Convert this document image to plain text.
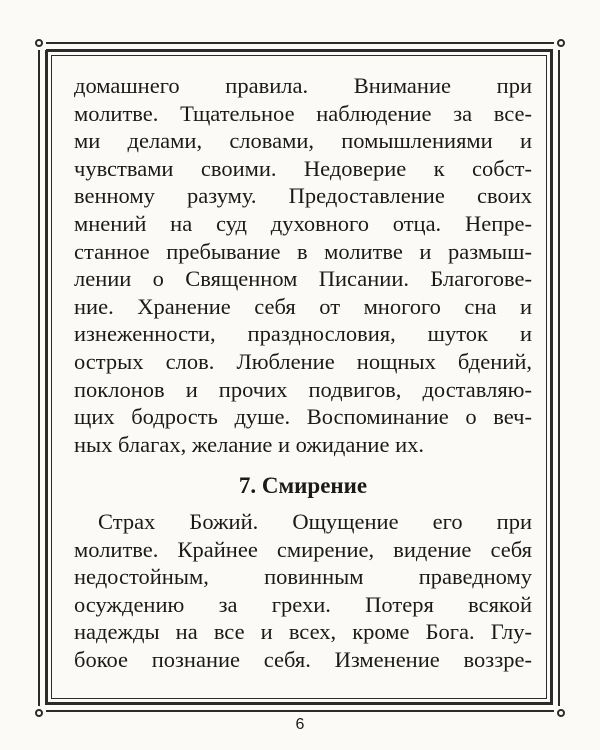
домашнего правила. Внимание при
молитве. Тщательное наблюдение за все-
ми делами, словами, помышлениями и
чувствами своими. Недоверие к собст-
венному разуму. Предоставление своих
мнений на суд духовного отца. Непре-
станное пребывание в молитве и размыш-
лении о Священном Писании. Благогове-
ние. Хранение себя от многого сна и
изнеженности, празднословия, шуток и
острых слов. Любление нощных бдений,
поклонов и прочих подвигов, доставляю-
щих бодрость душе. Воспоминание о веч-
ных благах, желание и ожидание их.
7. Смирение
Страх Божий. Ощущение его при
молитве. Крайнее смирение, видение себя
недостойным, повинным праведному
осуждению за грехи. Потеря всякой
надежды на все и всех, кроме Бога. Глу-
бокое познание себя. Изменение воззре-
6
